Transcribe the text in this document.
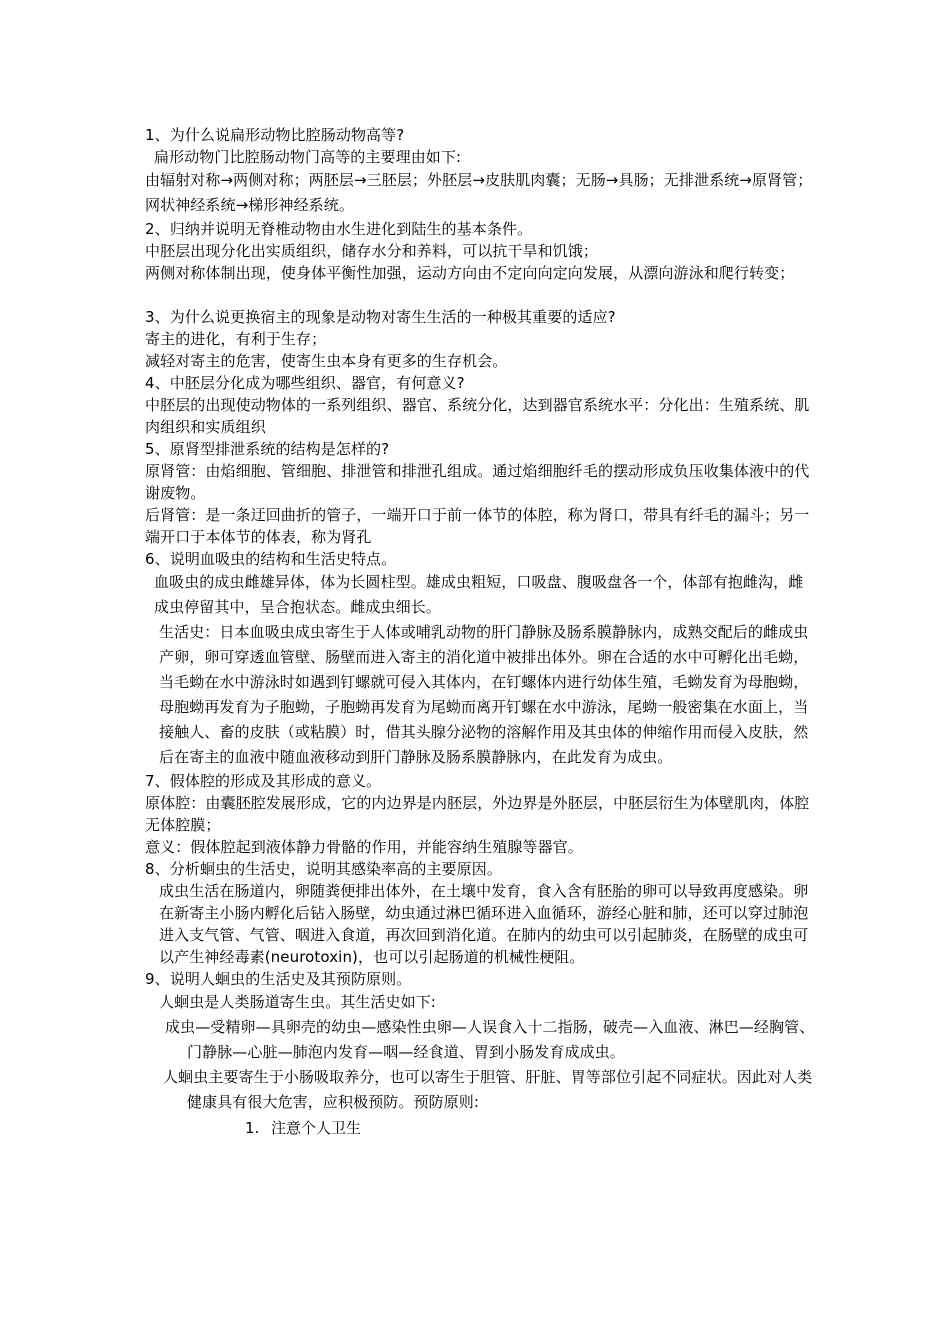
1、为什么说扁形动物比腔肠动物高等?

扁形动物门比腔肠动物门高等的主要理由如下:

由辐射对称→两侧对称；两胚层→三胚层；外胚层→皮肤肌肉囊；无肠→具肠；无排泄系统→原肾管；网状神经系统→梯形神经系统。

2、归纳并说明无脊椎动物由水生进化到陆生的基本条件。

中胚层出现分化出实质组织，储存水分和养料，可以抗干旱和饥饿；

两侧对称体制出现，使身体平衡性加强，运动方向由不定向向定向发展，从漂向游泳和爬行转变；

3、为什么说更换宿主的现象是动物对寄生生活的一种极其重要的适应?

寄主的进化，有利于生存；

减轻对寄主的危害，使寄生虫本身有更多的生存机会。

4、中胚层分化成为哪些组织、器官，有何意义?

中胚层的出现使动物体的一系列组织、器官、系统分化，达到器官系统水平：分化出：生殖系统、肌肉组织和实质组织

5、原肾型排泄系统的结构是怎样的?

原肾管：由焰细胞、管细胞、排泄管和排泄孔组成。通过焰细胞纤毛的摆动形成负压收集体液中的代谢废物。

后肾管：是一条迂回曲折的管子，一端开口于前一体节的体腔，称为肾口，带具有纤毛的漏斗；另一端开口于本体节的体表，称为肾孔

6、说明血吸虫的结构和生活史特点。

血吸虫的成虫雌雄异体，体为长圆柱型。雄成虫粗短，口吸盘、腹吸盘各一个，体部有抱雌沟，雌成虫停留其中，呈合抱状态。雌成虫细长。

生活史：日本血吸虫成虫寄生于人体或哺乳动物的肝门静脉及肠系膜静脉内，成熟交配后的雌成虫产卵，卵可穿透血管壁、肠壁而进入寄主的消化道中被排出体外。卵在合适的水中可孵化出毛蚴，当毛蚴在水中游泳时如遇到钉螺就可侵入其体内，在钉螺体内进行幼体生殖，毛蚴发育为母胞蚴，母胞蚴再发育为子胞蚴，子胞蚴再发育为尾蚴而离开钉螺在水中游泳，尾蚴一般密集在水面上，当接触人、畜的皮肤（或粘膜）时，借其头腺分泌物的溶解作用及其虫体的伸缩作用而侵入皮肤，然后在寄主的血液中随血液移动到肝门静脉及肠系膜静脉内，在此发育为成虫。

7、假体腔的形成及其形成的意义。

原体腔：由囊胚腔发展形成，它的内边界是内胚层，外边界是外胚层，中胚层衍生为体壁肌肉，体腔无体腔膜；

意义：假体腔起到液体静力骨骼的作用，并能容纳生殖腺等器官。

8、分析蛔虫的生活史，说明其感染率高的主要原因。

成虫生活在肠道内，卵随粪便排出体外，在土壤中发育，食入含有胚胎的卵可以导致再度感染。卵在新寄主小肠内孵化后钻入肠壁，幼虫通过淋巴循环进入血循环，游经心脏和肺，还可以穿过肺泡进入支气管、气管、咽进入食道，再次回到消化道。在肺内的幼虫可以引起肺炎，在肠壁的成虫可以产生神经毒素(neurotoxin)，也可以引起肠道的机械性梗阻。

9、说明人蛔虫的生活史及其预防原则。

人蛔虫是人类肠道寄生虫。其生活史如下:

成虫—受精卵—具卵壳的幼虫—感染性虫卵—人误食入十二指肠，破壳—入血液、淋巴—经胸管、门静脉—心脏—肺泡内发育—咽—经食道、胃到小肠发育成成虫。

人蛔虫主要寄生于小肠吸取养分，也可以寄生于胆管、肝脏、胃等部位引起不同症状。因此对人类健康具有很大危害，应积极预防。预防原则:

1. 注意个人卫生
